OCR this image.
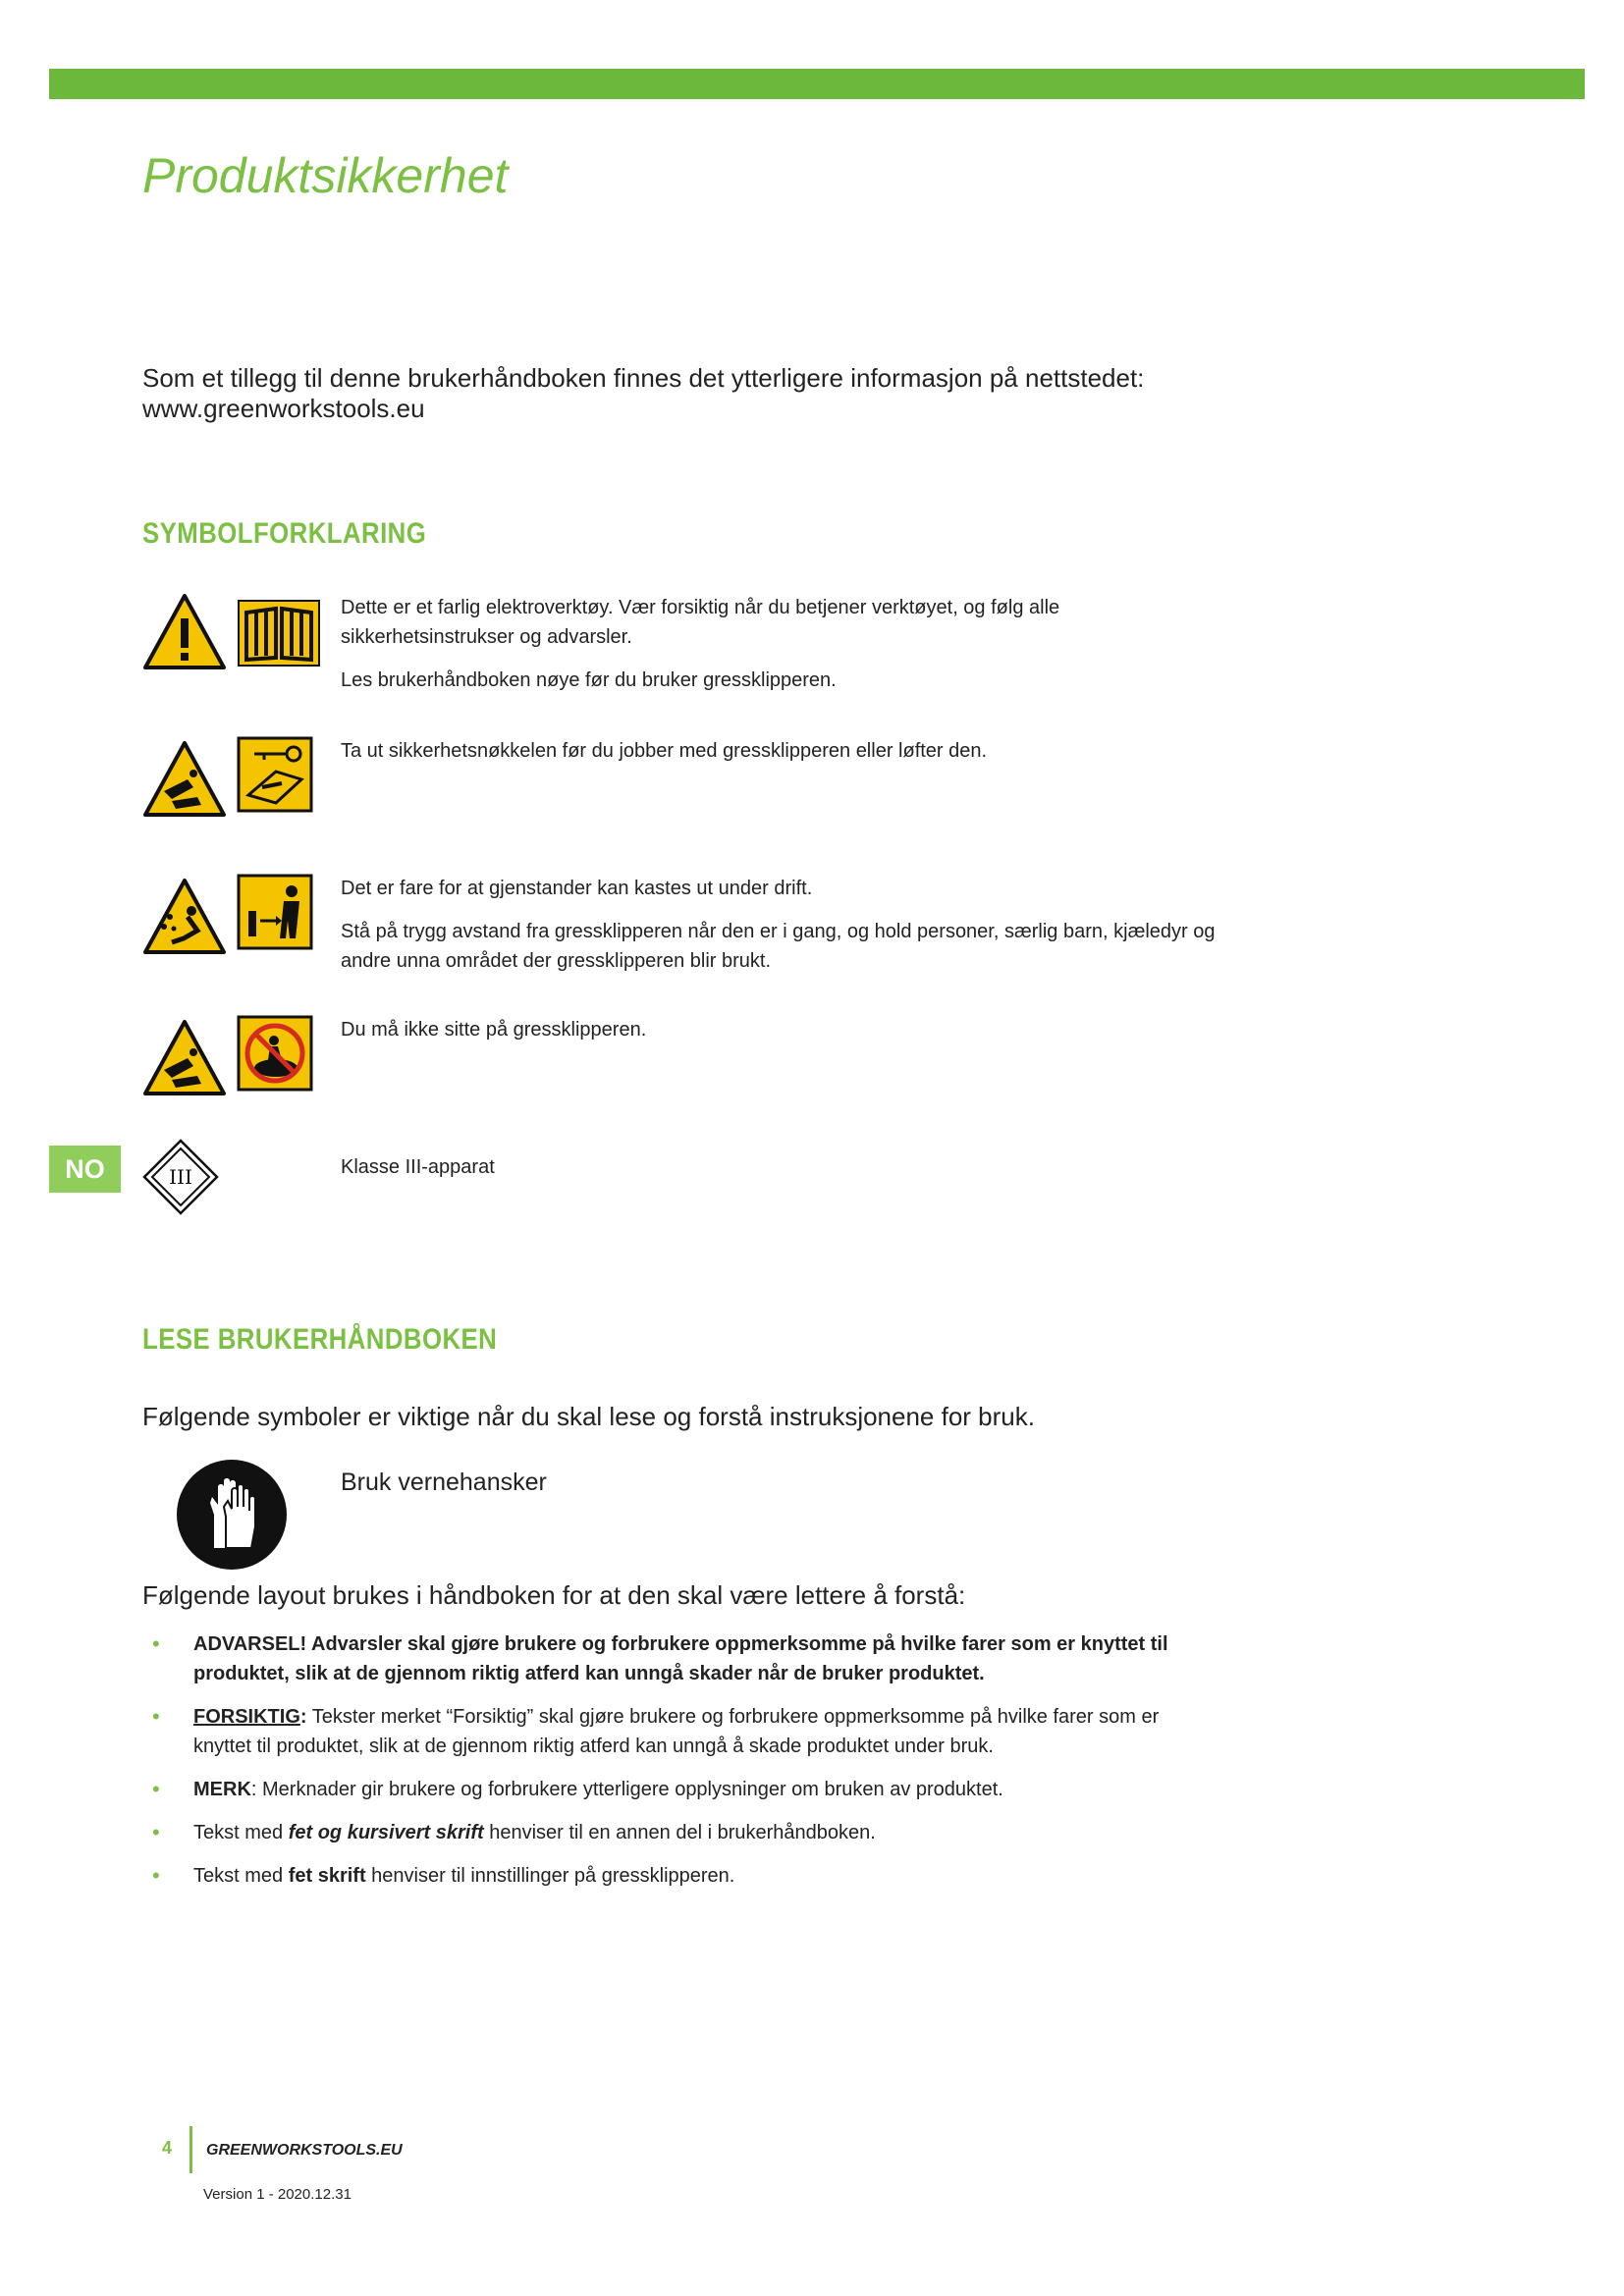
Produktsikkerhet
Som et tillegg til denne brukerhåndboken finnes det ytterligere informasjon på nettstedet:
www.greenworkstools.eu
SYMBOLFORKLARING

Dette er et farlig elektroverktøy. Vær forsiktig når du betjener verktøyet, og følg alle sikkerhetsinstrukser og advarsler.

Les brukerhåndboken nøye før du bruker gressklipperen.

Ta ut sikkerhetsnøkkelen før du jobber med gressklipperen eller løfter den.

Det er fare for at gjenstander kan kastes ut under drift.

Stå på trygg avstand fra gressklipperen når den er i gang, og hold personer, særlig barn, kjæledyr og andre unna området der gressklipperen blir brukt.

Du må ikke sitte på gressklipperen.

III	Klasse III-apparat

NO
LESE BRUKERHÅNDBOKEN
Følgende symboler er viktige når du skal lese og forstå instruksjonene for bruk.
Bruk vernehansker
Følgende layout brukes i håndboken for at den skal være lettere å forstå:
• ADVARSEL! Advarsler skal gjøre brukere og forbrukere oppmerksomme på hvilke farer som er knyttet til produktet, slik at de gjennom riktig atferd kan unngå skader når de bruker produktet.
• FORSIKTIG: Tekster merket “Forsiktig” skal gjøre brukere og forbrukere oppmerksomme på hvilke farer som er knyttet til produktet, slik at de gjennom riktig atferd kan unngå å skade produktet under bruk.
• MERK: Merknader gir brukere og forbrukere ytterligere opplysninger om bruken av produktet.
• Tekst med fet og kursivert skrift henviser til en annen del i brukerhåndboken.
• Tekst med fet skrift henviser til innstillinger på gressklipperen.
4 GREENWORKSTOOLS.EU
Version 1 - 2020.12.31
